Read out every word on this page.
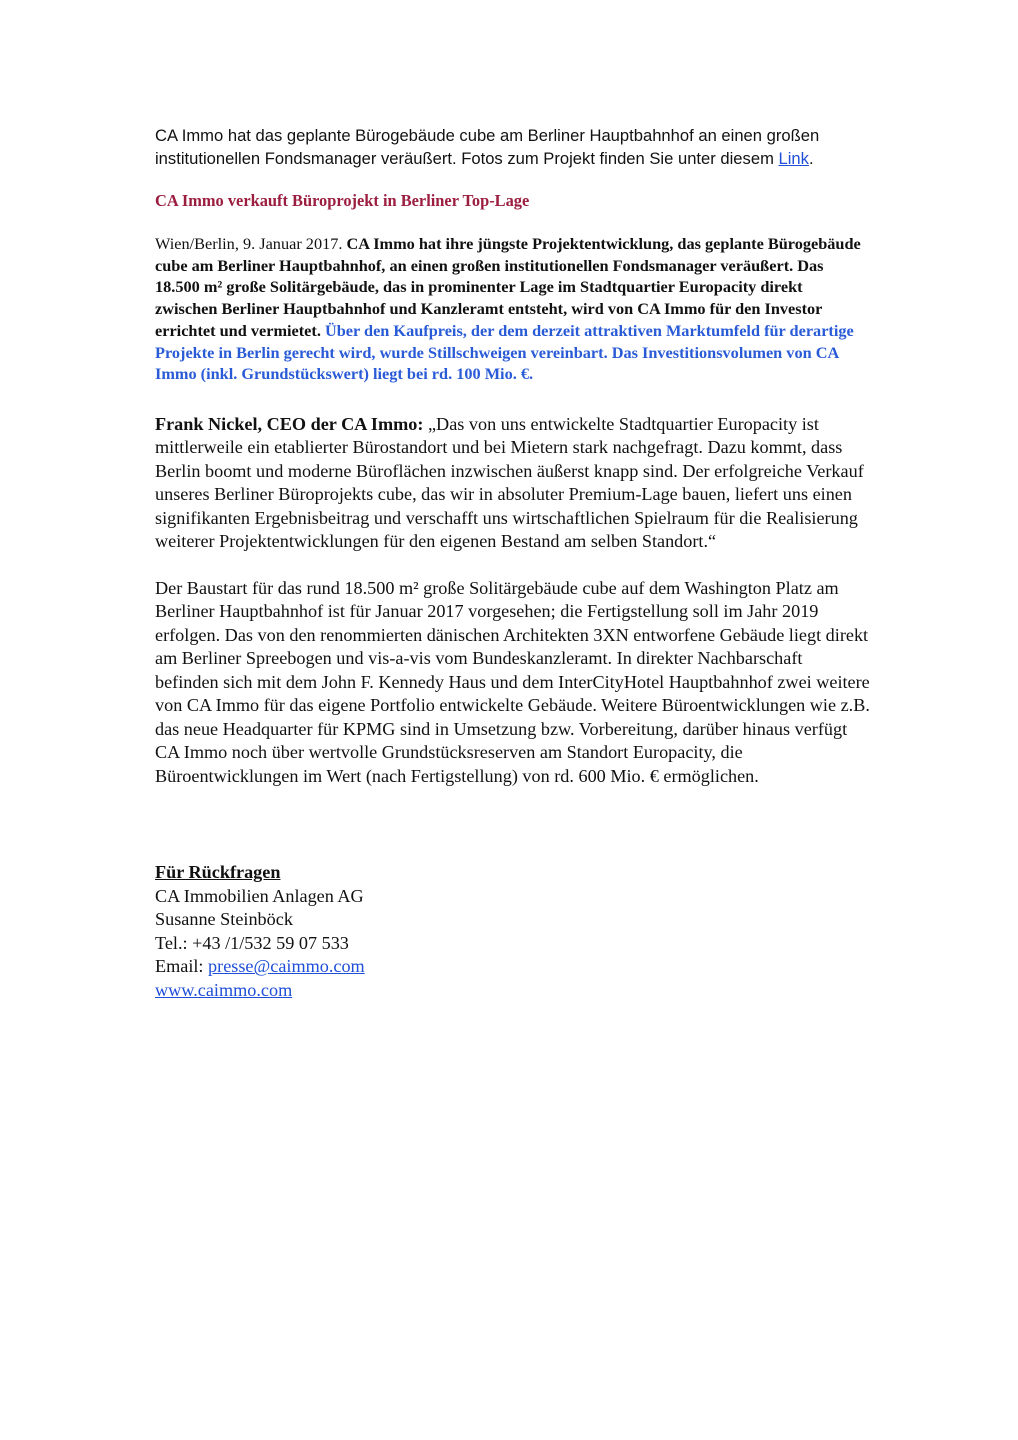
CA Immo hat das geplante Bürogebäude cube am Berliner Hauptbahnhof an einen großen institutionellen Fondsmanager veräußert. Fotos zum Projekt finden Sie unter diesem Link.

CA Immo verkauft Büroprojekt in Berliner Top-Lage

Wien/Berlin, 9. Januar 2017. CA Immo hat ihre jüngste Projektentwicklung, das geplante Bürogebäude cube am Berliner Hauptbahnhof, an einen großen institutionellen Fondsmanager veräußert. Das 18.500 m² große Solitärgebäude, das in prominenter Lage im Stadtquartier Europacity direkt zwischen Berliner Hauptbahnhof und Kanzleramt entsteht, wird von CA Immo für den Investor errichtet und vermietet. Über den Kaufpreis, der dem derzeit attraktiven Marktumfeld für derartige Projekte in Berlin gerecht wird, wurde Stillschweigen vereinbart. Das Investitionsvolumen von CA Immo (inkl. Grundstückswert) liegt bei rd. 100 Mio. €.

Frank Nickel, CEO der CA Immo: „Das von uns entwickelte Stadtquartier Europacity ist mittlerweile ein etablierter Bürostandort und bei Mietern stark nachgefragt. Dazu kommt, dass Berlin boomt und moderne Büroflächen inzwischen äußerst knapp sind. Der erfolgreiche Verkauf unseres Berliner Büroprojekts cube, das wir in absoluter Premium-Lage bauen, liefert uns einen signifikanten Ergebnisbeitrag und verschafft uns wirtschaftlichen Spielraum für die Realisierung weiterer Projektentwicklungen für den eigenen Bestand am selben Standort.“

Der Baustart für das rund 18.500 m² große Solitärgebäude cube auf dem Washington Platz am Berliner Hauptbahnhof ist für Januar 2017 vorgesehen; die Fertigstellung soll im Jahr 2019 erfolgen. Das von den renommierten dänischen Architekten 3XN entworfene Gebäude liegt direkt am Berliner Spreebogen und vis-a-vis vom Bundeskanzleramt. In direkter Nachbarschaft befinden sich mit dem John F. Kennedy Haus und dem InterCityHotel Hauptbahnhof zwei weitere von CA Immo für das eigene Portfolio entwickelte Gebäude. Weitere Büroentwicklungen wie z.B. das neue Headquarter für KPMG sind in Umsetzung bzw. Vorbereitung, darüber hinaus verfügt CA Immo noch über wertvolle Grundstücksreserven am Standort Europacity, die Büroentwicklungen im Wert (nach Fertigstellung) von rd. 600 Mio. € ermöglichen.

Für Rückfragen
CA Immobilien Anlagen AG
Susanne Steinböck
Tel.: +43 /1/532 59 07 533
Email: presse@caimmo.com
www.caimmo.com
